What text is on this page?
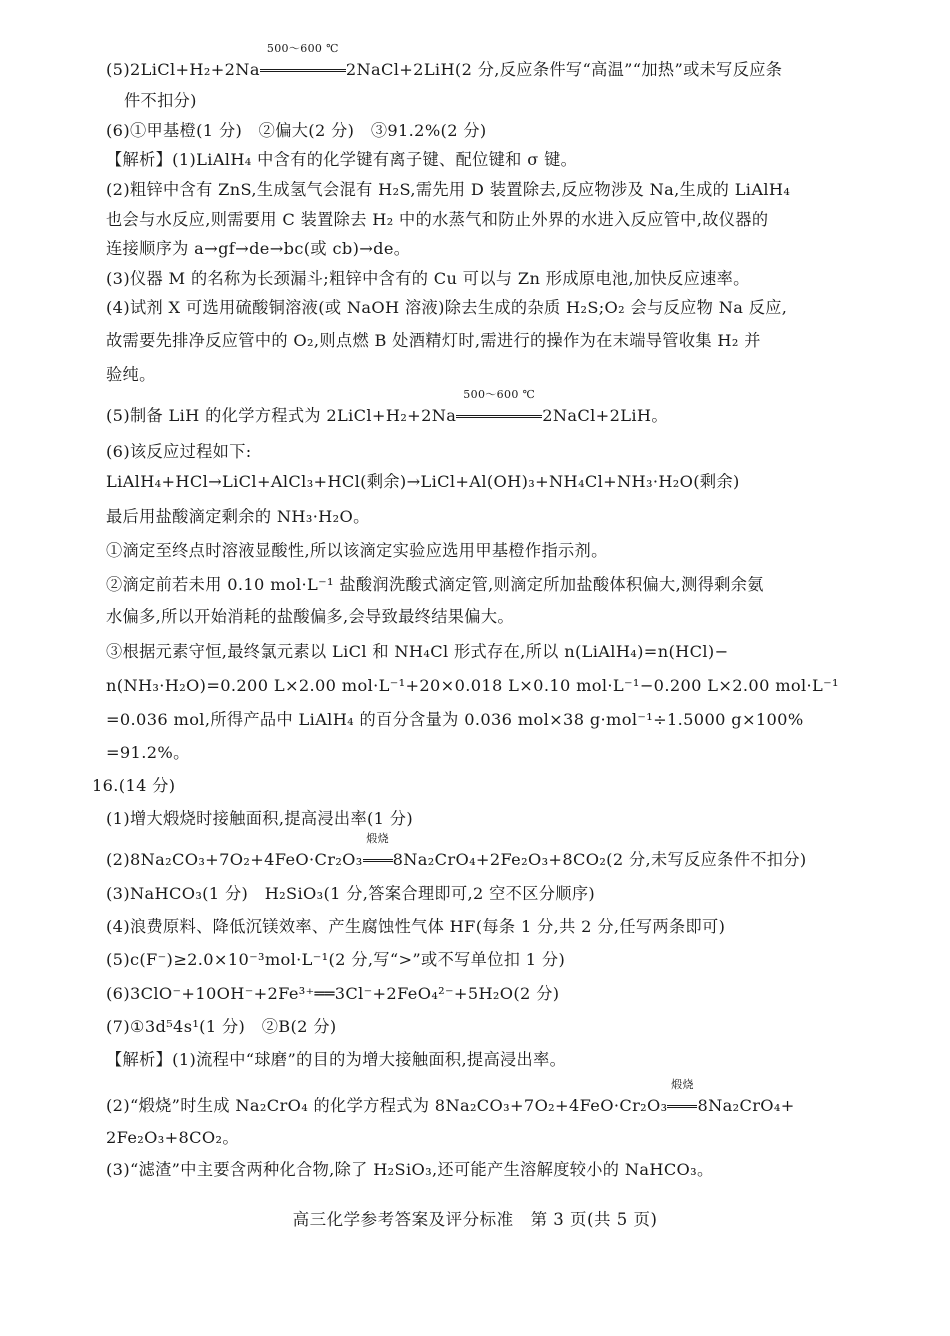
(5)2LiCl+H₂+2Na
500～600 ℃
2NaCl+2LiH(2 分,反应条件写“高温”“加热”或未写反应条
件不扣分)
(6)①甲基橙(1 分)　②偏大(2 分)　③91.2%(2 分)
【解析】(1)LiAlH₄ 中含有的化学键有离子键、配位键和 σ 键。
(2)粗锌中含有 ZnS,生成氢气会混有 H₂S,需先用 D 装置除去,反应物涉及 Na,生成的 LiAlH₄
也会与水反应,则需要用 C 装置除去 H₂ 中的水蒸气和防止外界的水进入反应管中,故仪器的
连接顺序为 a→gf→de→bc(或 cb)→de。
(3)仪器 M 的名称为长颈漏斗;粗锌中含有的 Cu 可以与 Zn 形成原电池,加快反应速率。
(4)试剂 X 可选用硫酸铜溶液(或 NaOH 溶液)除去生成的杂质 H₂S;O₂ 会与反应物 Na 反应,
故需要先排净反应管中的 O₂,则点燃 B 处酒精灯时,需进行的操作为在末端导管收集 H₂ 并
验纯。
(5)制备 LiH 的化学方程式为 2LiCl+H₂+2Na
500～600 ℃
2NaCl+2LiH。
(6)该反应过程如下:
LiAlH₄+HCl→LiCl+AlCl₃+HCl(剩余)→LiCl+Al(OH)₃+NH₄Cl+NH₃·H₂O(剩余)
最后用盐酸滴定剩余的 NH₃·H₂O。
①滴定至终点时溶液显酸性,所以该滴定实验应选用甲基橙作指示剂。
②滴定前若未用 0.10 mol·L⁻¹ 盐酸润洗酸式滴定管,则滴定所加盐酸体积偏大,测得剩余氨
水偏多,所以开始消耗的盐酸偏多,会导致最终结果偏大。
③根据元素守恒,最终氯元素以 LiCl 和 NH₄Cl 形式存在,所以 n(LiAlH₄)=n(HCl)−
n(NH₃·H₂O)=0.200 L×2.00 mol·L⁻¹+20×0.018 L×0.10 mol·L⁻¹−0.200 L×2.00 mol·L⁻¹
=0.036 mol,所得产品中 LiAlH₄ 的百分含量为 0.036 mol×38 g·mol⁻¹÷1.5000 g×100%
=91.2%。
16.(14 分)
(1)增大煅烧时接触面积,提高浸出率(1 分)
(2)8Na₂CO₃+7O₂+4FeO·Cr₂O₃
煅烧
8Na₂CrO₄+2Fe₂O₃+8CO₂(2 分,未写反应条件不扣分)
(3)NaHCO₃(1 分)　H₂SiO₃(1 分,答案合理即可,2 空不区分顺序)
(4)浪费原料、降低沉镁效率、产生腐蚀性气体 HF(每条 1 分,共 2 分,任写两条即可)
(5)c(F⁻)≥2.0×10⁻³mol·L⁻¹(2 分,写“>”或不写单位扣 1 分)
(6)3ClO⁻+10OH⁻+2Fe³⁺══3Cl⁻+2FeO₄²⁻+5H₂O(2 分)
(7)①3d⁵4s¹(1 分)　②B(2 分)
【解析】(1)流程中“球磨”的目的为增大接触面积,提高浸出率。
(2)“煅烧”时生成 Na₂CrO₄ 的化学方程式为 8Na₂CO₃+7O₂+4FeO·Cr₂O₃
煅烧
8Na₂CrO₄+
2Fe₂O₃+8CO₂。
(3)“滤渣”中主要含两种化合物,除了 H₂SiO₃,还可能产生溶解度较小的 NaHCO₃。
高三化学参考答案及评分标准　第 3 页(共 5 页)
